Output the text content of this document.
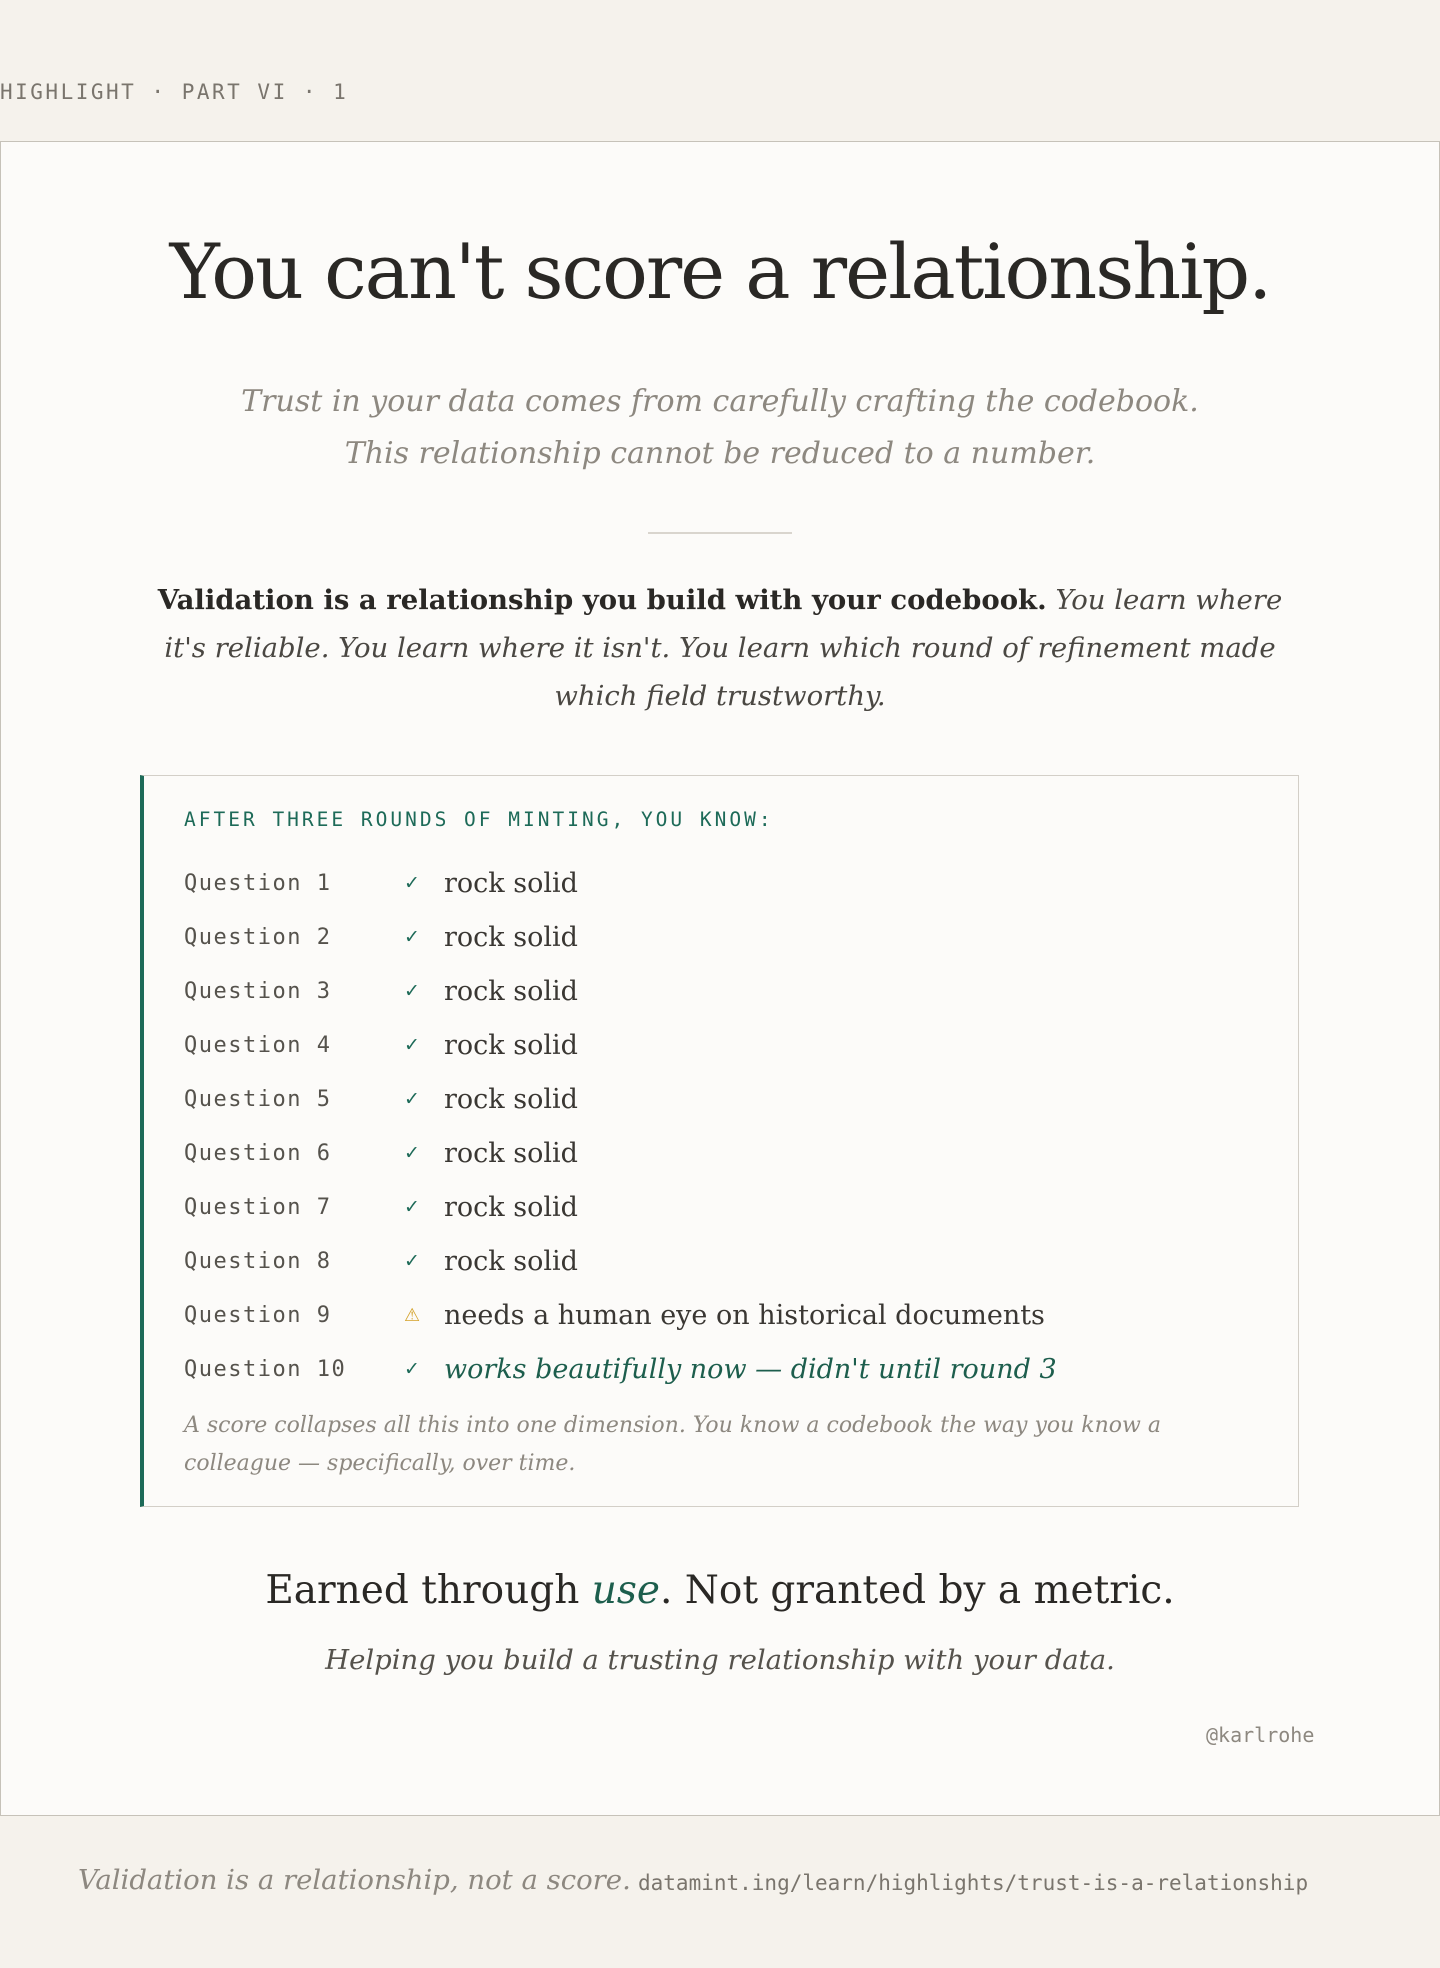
HIGHLIGHT · PART VI · 1
You can't score a relationship.

Trust in your data comes from carefully crafting the codebook. This relationship cannot be reduced to a number.

Validation is a relationship you build with your codebook. You learn where it's reliable. You learn where it isn't. You learn which round of refinement made which field trustworthy.

AFTER THREE ROUNDS OF MINTING, YOU KNOW:
Question 1	✓ rock solid
Question 2	✓ rock solid
Question 3	✓ rock solid
Question 4	✓ rock solid
Question 5	✓ rock solid
Question 6	✓ rock solid
Question 7	✓ rock solid
Question 8	✓ rock solid
Question 9	⚠ needs a human eye on historical documents
Question 10	✓ works beautifully now — didn't until round 3

A score collapses all this into one dimension. You know a codebook the way you know a colleague — specifically, over time.

Earned through use. Not granted by a metric.

Helping you build a trusting relationship with your data.

@karlrohe
Validation is a relationship, not a score. datamint.ing/learn/highlights/trust-is-a-relationship
